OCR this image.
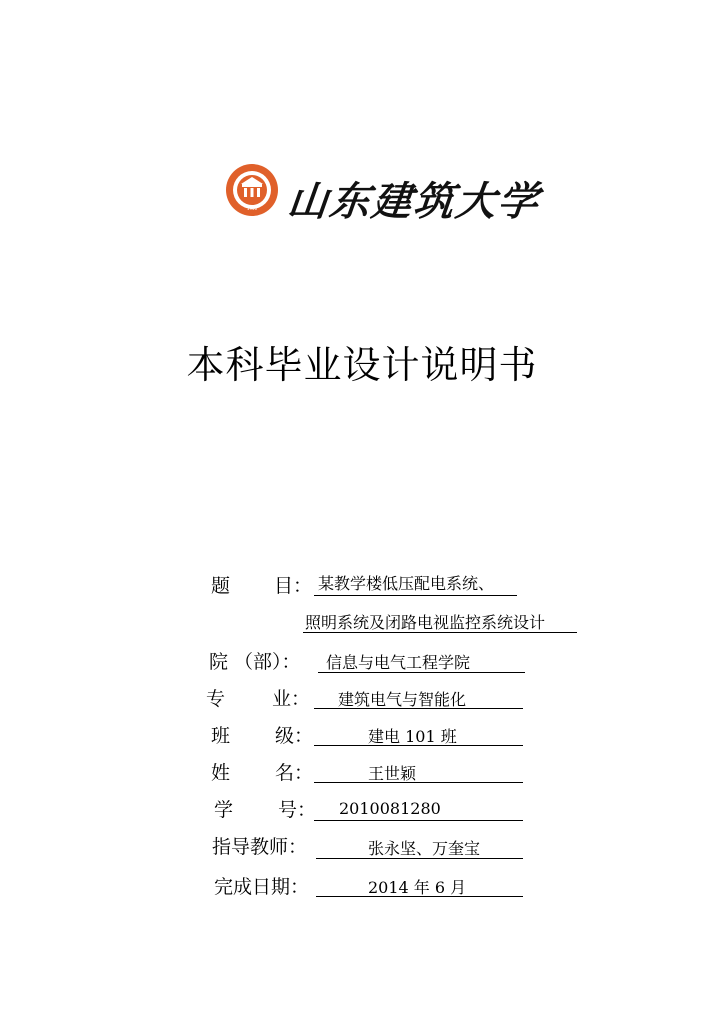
1956 山东建筑大学
本科毕业设计说明书
题 目 ： 某教学楼低压配电系统、
照明系统及闭路电视监控系统设计
院 （部）： 信息与电气工程学院
专 业： 建筑电气与智能化
班 级：	建电 101 班
姓 名：	王世颖
学 号： 2010081280
指导教师：	张永坚、万奎宝
完成日期：	2014 年 6 月
